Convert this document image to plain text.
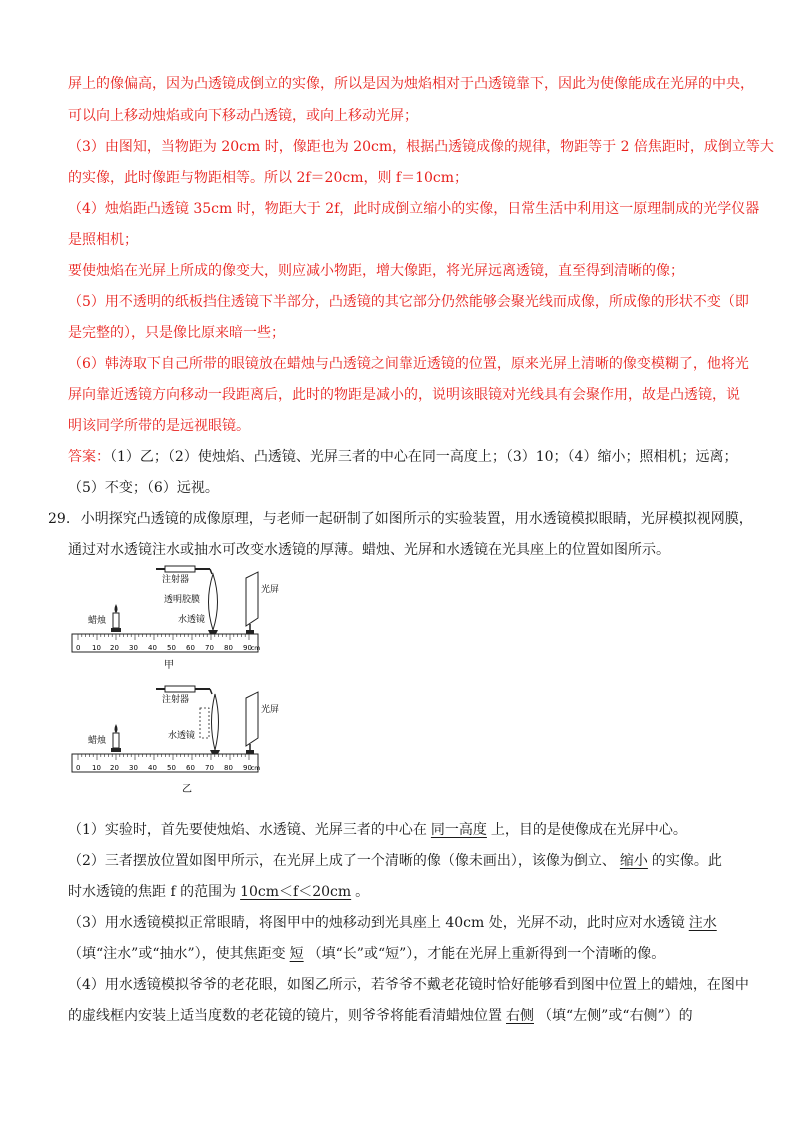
屏上的像偏高，因为凸透镜成倒立的实像，所以是因为烛焰相对于凸透镜靠下，因此为使像能成在光屏的中央，
可以向上移动烛焰或向下移动凸透镜，或向上移动光屏；
（3）由图知，当物距为 20cm 时，像距也为 20cm，根据凸透镜成像的规律，物距等于 2 倍焦距时，成倒立等大
的实像，此时像距与物距相等。所以 2f＝20cm，则 f＝10cm；
（4）烛焰距凸透镜 35cm 时，物距大于 2f，此时成倒立缩小的实像，日常生活中利用这一原理制成的光学仪器
是照相机；
要使烛焰在光屏上所成的像变大，则应减小物距，增大像距，将光屏远离透镜，直至得到清晰的像；
（5）用不透明的纸板挡住透镜下半部分，凸透镜的其它部分仍然能够会聚光线而成像，所成像的形状不变（即
是完整的），只是像比原来暗一些；
（6）韩涛取下自己所带的眼镜放在蜡烛与凸透镜之间靠近透镜的位置，原来光屏上清晰的像变模糊了，他将光
屏向靠近透镜方向移动一段距离后，此时的物距是减小的，说明该眼镜对光线具有会聚作用，故是凸透镜，说
明该同学所带的是远视眼镜。
答案：（1）乙；（2）使烛焰、凸透镜、光屏三者的中心在同一高度上；（3）10；（4）缩小；照相机；远离；
（5）不变；（6）远视。
29. 小明探究凸透镜的成像原理，与老师一起研制了如图所示的实验装置，用水透镜模拟眼睛，光屏模拟视网膜，
通过对水透镜注水或抽水可改变水透镜的厚薄。蜡烛、光屏和水透镜在光具座上的位置如图所示。
注射器
透明胶膜
水透镜
蜡烛
光屏
0 10 20 30 40 50 60 70 80 90 cm
甲
注射器
水透镜
蜡烛
光屏
0 10 20 30 40 50 60 70 80 90 cm
乙
（1）实验时，首先要使烛焰、水透镜、光屏三者的中心在 同一高度 上，目的是使像成在光屏中心。
（2）三者摆放位置如图甲所示，在光屏上成了一个清晰的像（像未画出），该像为倒立、 缩小 的实像。此
时水透镜的焦距 f 的范围为 10cm＜f＜20cm 。
（3）用水透镜模拟正常眼睛，将图甲中的烛移动到光具座上 40cm 处，光屏不动，此时应对水透镜 注水
（填“注水”或“抽水”），使其焦距变 短 （填“长”或“短”），才能在光屏上重新得到一个清晰的像。
（4）用水透镜模拟爷爷的老花眼，如图乙所示，若爷爷不戴老花镜时恰好能够看到图中位置上的蜡烛，在图中
的虚线框内安装上适当度数的老花镜的镜片，则爷爷将能看清蜡烛位置 右侧 （填“左侧”或“右侧”）的
